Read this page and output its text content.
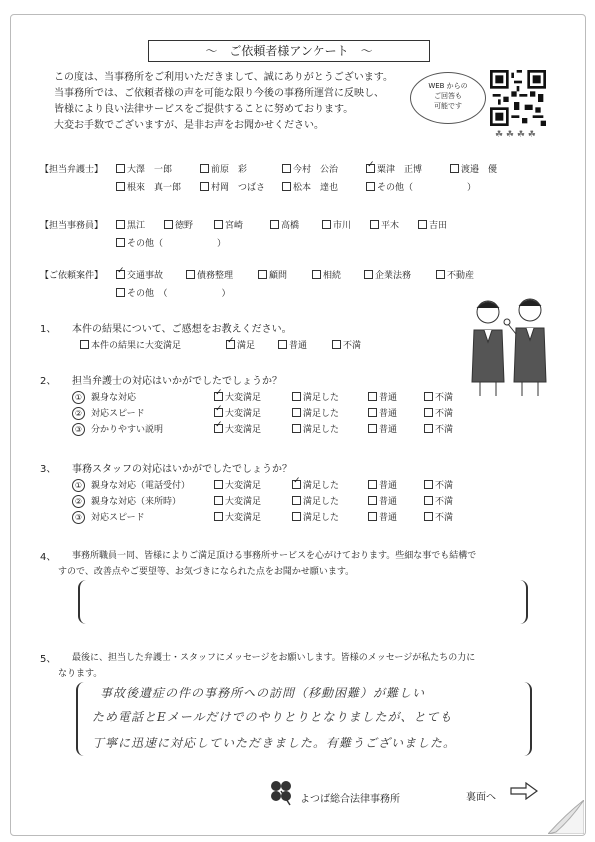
～　ご依頼者様アンケート　～
この度は、当事務所をご利用いただきまして、誠にありがとうございます。
当事務所では、ご依頼者様の声を可能な限り今後の事務所運営に反映し、
皆様により良い法律サービスをご提供することに努めております。
大変お手数でございますが、是非お声をお聞かせください。
WEB からの
ご回答も
可能です
☘ ☘ ☘ ☘
【担当弁護士】	大澤　一郎	前原　彩	今村　公治 ✓	粟津　正博	渡邉　優
根來　真一郎	村岡　つばさ	松本　達也	その他（　　　　　　）
【担当事務員】	黒江	徳野	宮崎	高橋	市川	平木	吉田
その他（　　　　　　）
【ご依頼案件】 ✓	交通事故	債務整理	顧問	相続	企業法務	不動産
その他　（　　　　　　）
1、 本件の結果について、ご感想をお教えください。
本件の結果に大変満足 ✓	満足	普通	不満
2、 担当弁護士の対応はいかがでしたでしょうか？
① 親身な対応 ✓	大変満足	満足した	普通	不満
② 対応スピード ✓	大変満足	満足した	普通	不満
③ 分かりやすい説明 ✓	大変満足	満足した	普通	不満
3、 事務スタッフの対応はいかがでしたでしょうか？
① 親身な対応（電話受付）	大変満足 ✓	満足した	普通	不満
② 親身な対応（来所時）	大変満足	満足した	普通	不満
③ 対応スピード	大変満足	満足した	普通	不満
4、 事務所職員一同、皆様によりご満足頂ける事務所サービスを心がけております。些細な事でも結構で
すので、改善点やご要望等、お気づきになられた点をお聞かせ願います。
5、 最後に、担当した弁護士・スタッフにメッセージをお願いします。皆様のメッセージが私たちの力に
なります。
事故後遺症の件の事務所への訪問（移動困難）が難しい
ため電話とEメールだけでのやりとりとなりましたが、とても
丁寧に迅速に対応していただきました。有難うございました。
よつば総合法律事務所	裏面へ
